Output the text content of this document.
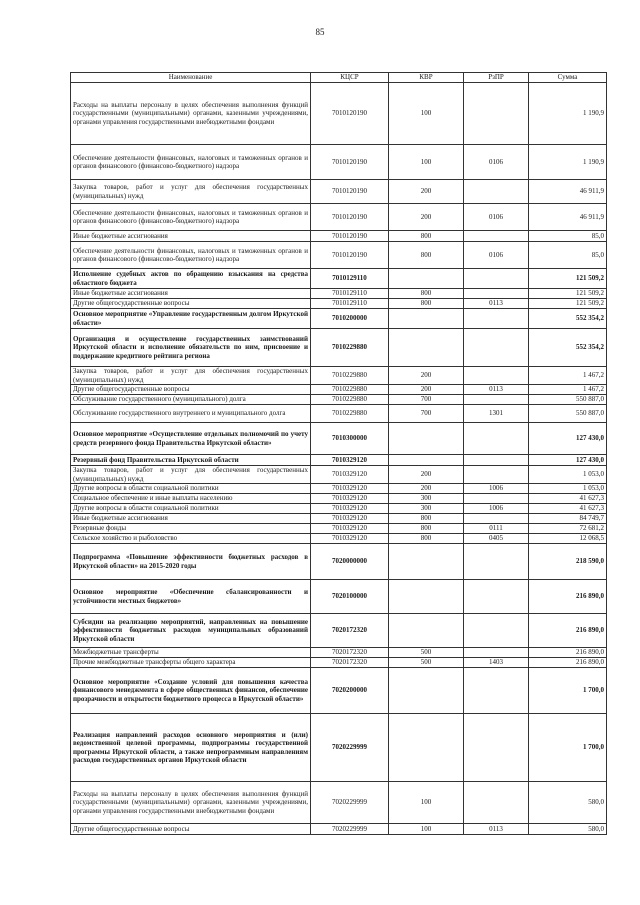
85
Наименование	КЦСР	КВР	РзПР	Сумма
Расходы на выплаты персоналу в целях обеспечения выполнения функций государственными (муниципальными) органами, казенными учреждениями, органами управления государственными внебюджетными фондами	7010120190	100		1 190,9
Обеспечение деятельности финансовых, налоговых и таможенных органов и органов финансового (финансово-бюджетного) надзора	7010120190	100	0106	1 190,9
Закупка товаров, работ и услуг для обеспечения государственных (муниципальных) нужд	7010120190	200		46 911,9
Обеспечение деятельности финансовых, налоговых и таможенных органов и органов финансового (финансово-бюджетного) надзора	7010120190	200	0106	46 911,9
Иные бюджетные ассигнования	7010120190	800		85,0
Обеспечение деятельности финансовых, налоговых и таможенных органов и органов финансового (финансово-бюджетного) надзора	7010120190	800	0106	85,0
Исполнение судебных актов по обращению взыскания на средства областного бюджета	7010129110			121 509,2
Иные бюджетные ассигнования	7010129110	800		121 509,2
Другие общегосударственные вопросы	7010129110	800	0113	121 509,2
Основное мероприятие «Управление государственным долгом Иркутской области»	7010200000			552 354,2
Организация и осуществление государственных заимствований Иркутской области и исполнение обязательств по ним, присвоение и поддержание кредитного рейтинга региона	7010229880			552 354,2
Закупка товаров, работ и услуг для обеспечения государственных (муниципальных) нужд	7010229880	200		1 467,2
Другие общегосударственные вопросы	7010229880	200	0113	1 467,2
Обслуживание государственного (муниципального) долга	7010229880	700		550 887,0
Обслуживание государственного внутреннего и муниципального долга	7010229880	700	1301	550 887,0
Основное мероприятие «Осуществление отдельных полномочий по учету средств резервного фонда Правительства Иркутской области»	7010300000			127 430,0
Резервный фонд Правительства Иркутской области	7010329120			127 430,0
Закупка товаров, работ и услуг для обеспечения государственных (муниципальных) нужд	7010329120	200		1 053,0
Другие вопросы в области социальной политики	7010329120	200	1006	1 053,0
Социальное обеспечение и иные выплаты населению	7010329120	300		41 627,3
Другие вопросы в области социальной политики	7010329120	300	1006	41 627,3
Иные бюджетные ассигнования	7010329120	800		84 749,7
Резервные фонды	7010329120	800	0111	72 681,2
Сельское хозяйство и рыболовство	7010329120	800	0405	12 068,5
Подпрограмма «Повышение эффективности бюджетных расходов в Иркутской области» на 2015-2020 годы	7020000000			218 590,0
Основное мероприятие «Обеспечение сбалансированности и устойчивости местных бюджетов»	7020100000			216 890,0
Субсидии на реализацию мероприятий, направленных на повышение эффективности бюджетных расходов муниципальных образований Иркутской области	7020172320			216 890,0
Межбюджетные трансферты	7020172320	500		216 890,0
Прочие межбюджетные трансферты общего характера	7020172320	500	1403	216 890,0
Основное мероприятие «Создание условий для повышения качества финансового менеджмента в сфере общественных финансов, обеспечение прозрачности и открытости бюджетного процесса в Иркутской области»	7020200000			1 700,0
Реализация направлений расходов основного мероприятия и (или) ведомственной целевой программы, подпрограммы государственной программы Иркутской области, а также непрограммным направлениям расходов государственных органов Иркутской области	7020229999			1 700,0
Расходы на выплаты персоналу в целях обеспечения выполнения функций государственными (муниципальными) органами, казенными учреждениями, органами управления государственными внебюджетными фондами	7020229999	100		580,0
Другие общегосударственные вопросы	7020229999	100	0113	580,0
